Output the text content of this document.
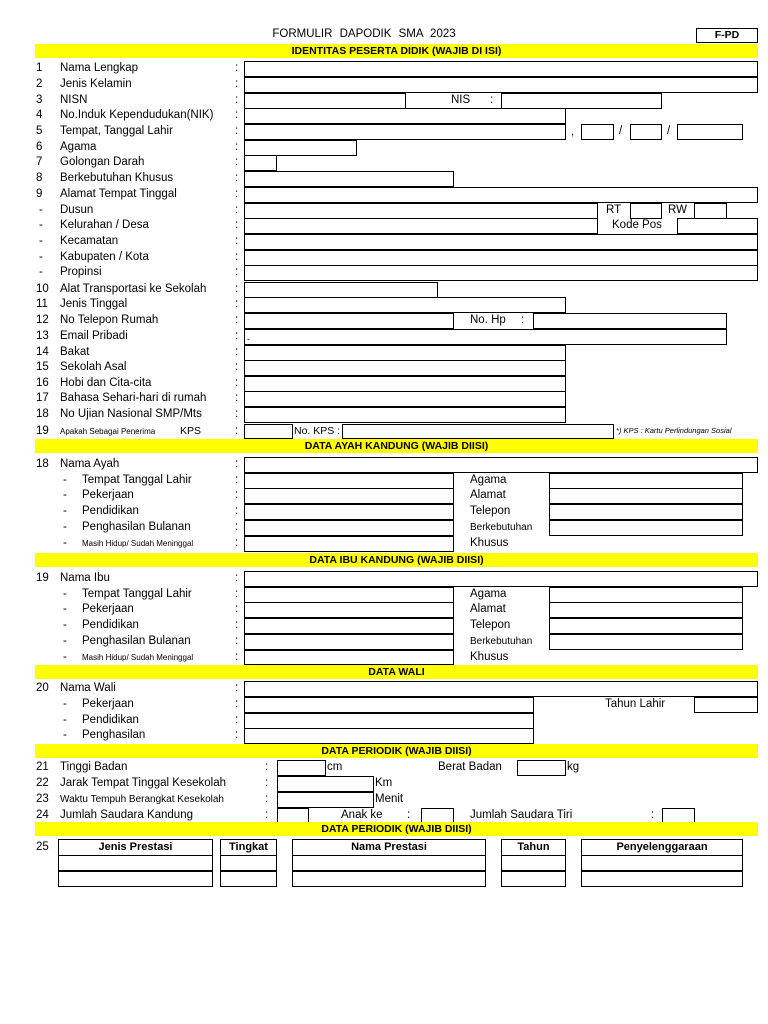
FORMULIR DAPODIK SMA 2023	F-PD
IDENTITAS PESERTA DIDIK (WAJIB DI ISI)
1 Nama Lengkap	:
2 Jenis Kelamin	:
3 NISN	:	NIS :
4 No.Induk Kependudukan(NIK) :
5 Tempat, Tanggal Lahir	:	,	/	/
6 Agama	:
7 Golongan Darah	:
8 Berkebutuhan Khusus	:
9 Alamat Tempat Tinggal	:
- Dusun	:	RT	RW
- Kelurahan / Desa	:	Kode Pos
- Kecamatan	:
- Kabupaten / Kota	:
- Propinsi	:
10 Alat Transportasi ke Sekolah :
11 Jenis Tinggal	:
12 No Telepon Rumah	:	No. Hp :
13 Email Pribadi	: -
14 Bakat	:
15 Sekolah Asal	:
16 Hobi dan Cita-cita	:
17 Bahasa Sehari-hari di rumah :
18 No Ujian Nasional SMP/Mts	:
19 Apakah Sebagai Penerima KPS	:	No. KPS :	*) KPS : Kartu Perlindungan Sosial
DATA AYAH KANDUNG (WAJIB DIISI)
18 Nama Ayah	:
- Tempat Tanggal Lahir	:	Agama
- Pekerjaan	:	Alamat
- Pendidikan	:	Telepon
- Penghasilan Bulanan	:	Berkebutuhan
- Masih Hidup/ Sudah Meninggal	:	Khusus
DATA IBU KANDUNG (WAJIB DIISI)
19 Nama Ibu	:
- Tempat Tanggal Lahir	:	Agama
- Pekerjaan	:	Alamat
- Pendidikan	:	Telepon
- Penghasilan Bulanan	:	Berkebutuhan
- Masih Hidup/ Sudah Meninggal	:	Khusus
DATA WALI
20 Nama Wali	:
- Pekerjaan	:	Tahun Lahir
- Pendidikan	:
- Penghasilan	:
DATA PERIODIK (WAJIB DIISI)
21 Tinggi Badan	:	cm	Berat Badan	kg
22 Jarak Tempat Tinggal Kesekolah	:	Km
23 Waktu Tempuh Berangkat Kesekolah	:	Menit
24 Jumlah Saudara Kandung	:	Anak ke :	Jumlah Saudara Tiri	:
DATA PERIODIK (WAJIB DIISI)
25	Jenis Prestasi	Tingkat	Nama Prestasi	Tahun	Penyelenggaraan
